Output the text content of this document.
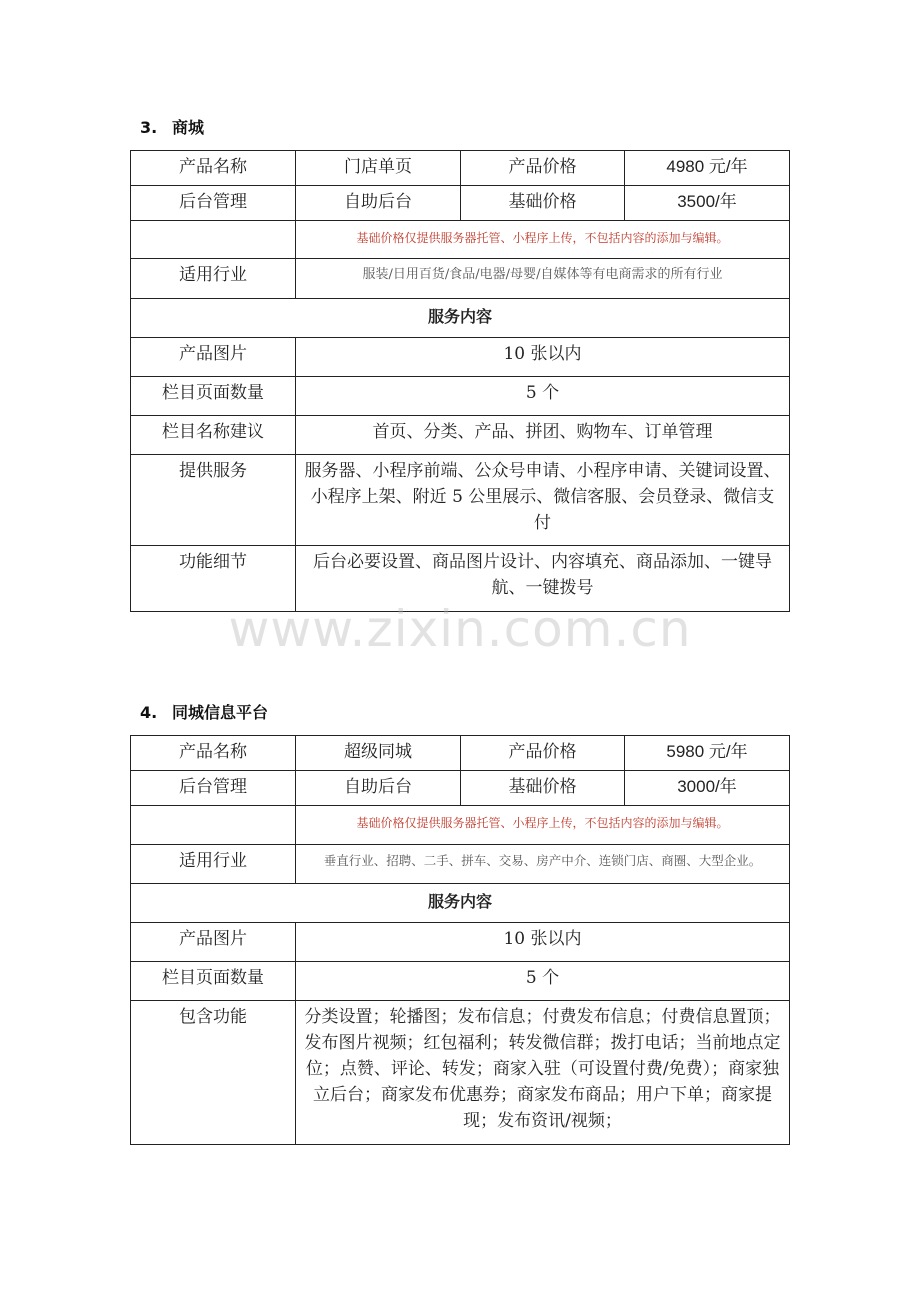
3. 商城
产品名称	门店单页	产品价格	4980 元/年
后台管理	自助后台	基础价格	3500/年
	基础价格仅提供服务器托管、小程序上传，不包括内容的添加与编辑。		
适用行业	服装/日用百货/食品/电器/母婴/自媒体等有电商需求的所有行业		
服务内容			
产品图片	10 张以内		
栏目页面数量	5 个		
栏目名称建议	首页、分类、产品、拼团、购物车、订单管理		
提供服务	服务器、小程序前端、公众号申请、小程序申请、关键词设置、小程序上架、附近 5 公里展示、微信客服、会员登录、微信支付		
功能细节	后台必要设置、商品图片设计、内容填充、商品添加、一键导航、一键拨号		
www.zixin.com.cn
4. 同城信息平台
产品名称	超级同城	产品价格	5980 元/年
后台管理	自助后台	基础价格	3000/年
	基础价格仅提供服务器托管、小程序上传，不包括内容的添加与编辑。		
适用行业	垂直行业、招聘、二手、拼车、交易、房产中介、连锁门店、商圈、大型企业。		
服务内容			
产品图片	10 张以内		
栏目页面数量	5 个		
包含功能	分类设置；轮播图；发布信息；付费发布信息；付费信息置顶；发布图片视频；红包福利；转发微信群；拨打电话；当前地点定位；点赞、评论、转发；商家入驻（可设置付费/免费）；商家独立后台；商家发布优惠券；商家发布商品；用户下单；商家提现；发布资讯/视频；		
